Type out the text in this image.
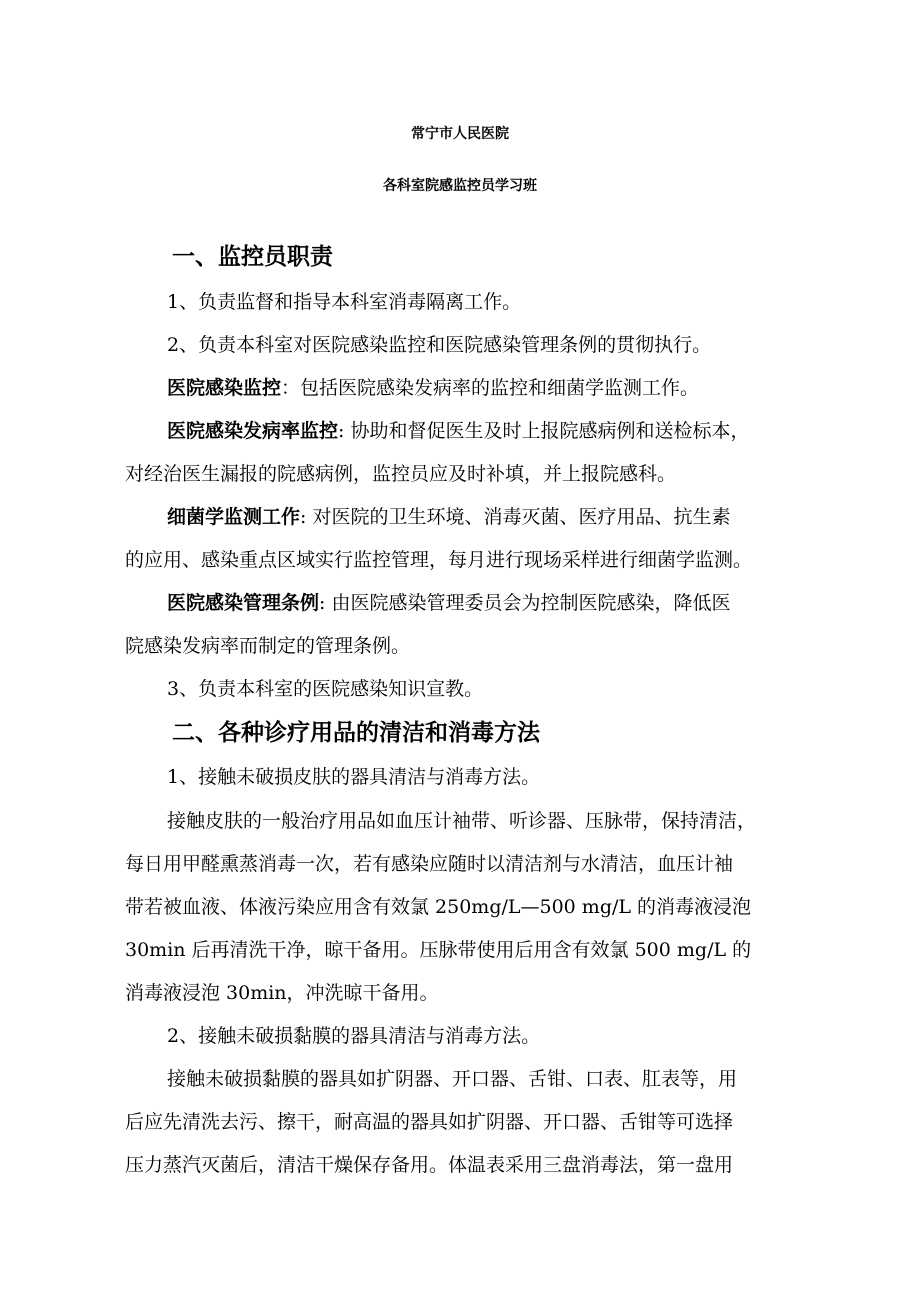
常宁市人民医院
各科室院感监控员学习班
一、监控员职责
1、负责监督和指导本科室消毒隔离工作。
2、负责本科室对医院感染监控和医院感染管理条例的贯彻执行。
医院感染监控：包括医院感染发病率的监控和细菌学监测工作。
医院感染发病率监控: 协助和督促医生及时上报院感病例和送检标本，
对经治医生漏报的院感病例，监控员应及时补填，并上报院感科。
细菌学监测工作: 对医院的卫生环境、消毒灭菌、医疗用品、抗生素
的应用、感染重点区域实行监控管理，每月进行现场采样进行细菌学监测。
医院感染管理条例: 由医院感染管理委员会为控制医院感染，降低医
院感染发病率而制定的管理条例。
3、负责本科室的医院感染知识宣教。
二、各种诊疗用品的清洁和消毒方法
1、接触未破损皮肤的器具清洁与消毒方法。
接触皮肤的一般治疗用品如血压计袖带、听诊器、压脉带，保持清洁，
每日用甲醛熏蒸消毒一次，若有感染应随时以清洁剂与水清洁，血压计袖
带若被血液、体液污染应用含有效氯 250mg/L—500 mg/L 的消毒液浸泡
30min 后再清洗干净，晾干备用。压脉带使用后用含有效氯 500 mg/L 的
消毒液浸泡 30min，冲洗晾干备用。
2、接触未破损黏膜的器具清洁与消毒方法。
接触未破损黏膜的器具如扩阴器、开口器、舌钳、口表、肛表等，用
后应先清洗去污、擦干，耐高温的器具如扩阴器、开口器、舌钳等可选择
压力蒸汽灭菌后，清洁干燥保存备用。体温表采用三盘消毒法，第一盘用
